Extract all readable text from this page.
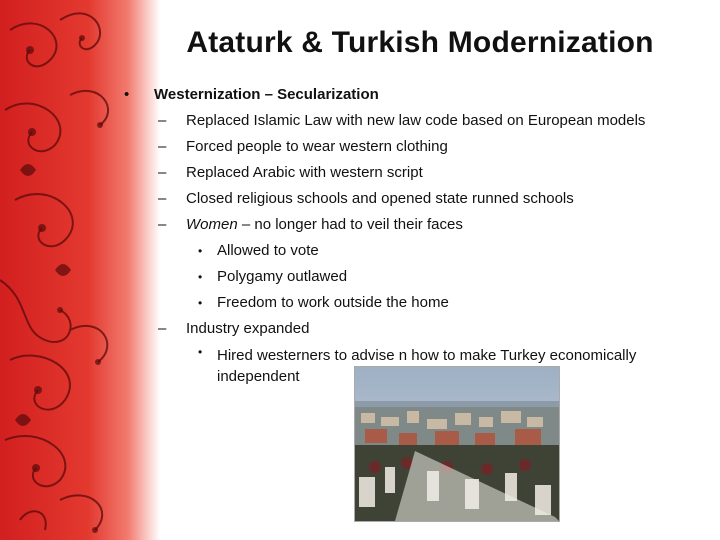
Ataturk & Turkish Modernization
• Westernization – Secularization
– Replaced Islamic Law with new law code based on European models
– Forced people to wear western clothing
– Replaced Arabic with western script
– Closed religious schools and opened state runned schools
– Women – no longer had to veil their faces
• Allowed to vote
• Polygamy outlawed
• Freedom to work outside the home
– Industry expanded
• Hired westerners to advise n how to make Turkey economically independent
